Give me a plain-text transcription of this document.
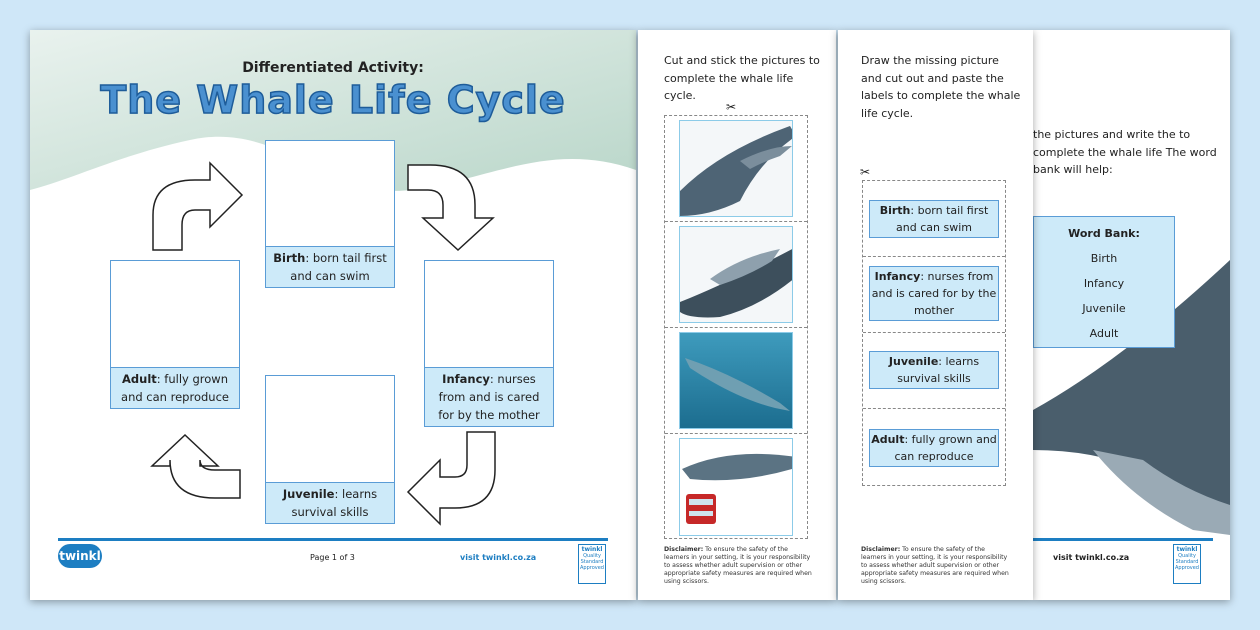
Differentiated Activity:
The Whale Life Cycle
Birth: born tail first and can swim
Infancy: nurses from and is cared for by the mother
Juvenile: learns survival skills
Adult: fully grown and can reproduce
twinkl	Page 1 of 3	visit twinkl.co.za
twinkl
Quality Standard Approved
Cut and stick the pictures to complete the whale life cycle.
✂
Disclaimer: To ensure the safety of the learners in your setting, it is your responsibility to assess whether adult supervision or other appropriate safety measures are required when using scissors.
Draw the missing picture and cut out and paste the labels to complete the whale life cycle.
✂
Birth: born tail first and can swim
Infancy: nurses from and is cared for by the mother
Juvenile: learns survival skills
Adult: fully grown and can reproduce
Disclaimer: To ensure the safety of the learners in your setting, it is your responsibility to assess whether adult supervision or other appropriate safety measures are required when using scissors.
the pictures and write the to complete the whale life The word bank will help:
Word Bank:
Birth
Infancy
Juvenile
Adult
visit twinkl.co.za
twinkl
Quality Standard Approved
